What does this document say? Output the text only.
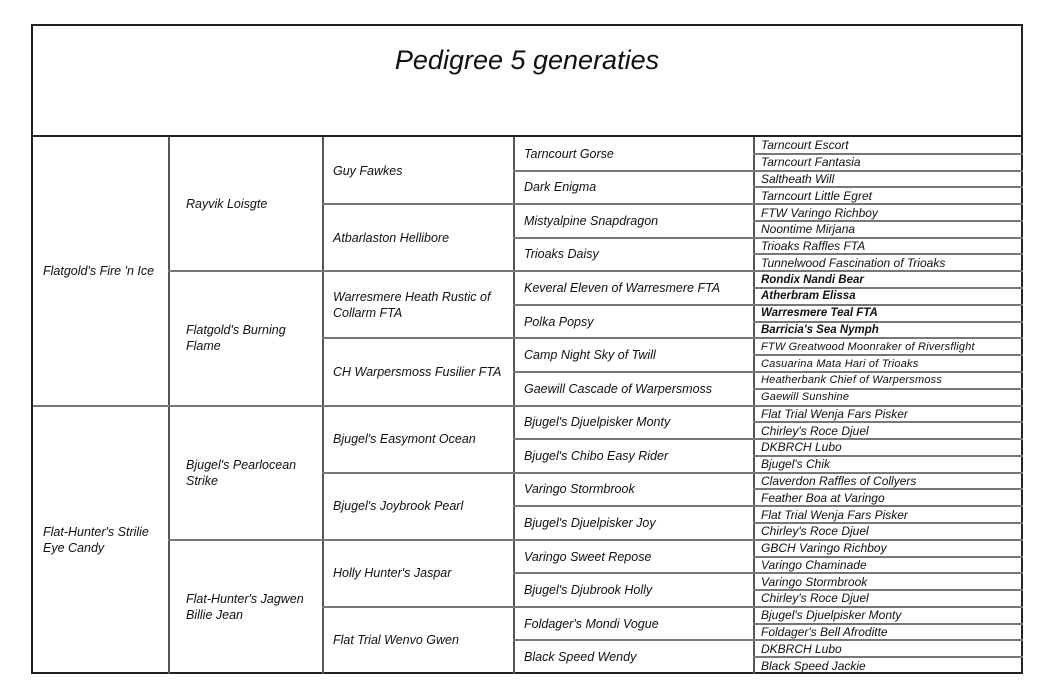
Pedigree 5 generaties
Flatgold's Fire 'n Ice
Flat-Hunter's Strilie Eye Candy
Rayvik Loisgte
Flatgold's Burning Flame
Bjugel's Pearlocean Strike
Flat-Hunter's Jagwen Billie Jean
Guy Fawkes
Atbarlaston Hellibore
Warresmere Heath Rustic of Collarm FTA
CH Warpersmoss Fusilier FTA
Bjugel's Easymont Ocean
Bjugel's Joybrook Pearl
Holly Hunter's Jaspar
Flat Trial Wenvo Gwen
Tarncourt Gorse
Dark Enigma
Mistyalpine Snapdragon
Trioaks Daisy
Keveral Eleven of Warresmere FTA
Polka Popsy
Camp Night Sky of Twill
Gaewill Cascade of Warpersmoss
Bjugel's Djuelpisker Monty
Bjugel's Chibo Easy Rider
Varingo Stormbrook
Bjugel's Djuelpisker Joy
Varingo Sweet Repose
Bjugel's Djubrook Holly
Foldager's Mondi Vogue
Black Speed Wendy
Tarncourt Escort
Tarncourt Fantasia
Saltheath Will
Tarncourt Little Egret
FTW Varingo Richboy
Noontime Mirjana
Trioaks Raffles FTA
Tunnelwood Fascination of Trioaks
Rondix Nandi Bear
Atherbram Elissa
Warresmere Teal FTA
Barricia's Sea Nymph
FTW Greatwood Moonraker of Riversflight
Casuarina Mata Hari of Trioaks
Heatherbank Chief of Warpersmoss
Gaewill Sunshine
Flat Trial Wenja Fars Pisker
Chirley's Roce Djuel
DKBRCH Lubo
Bjugel's Chik
Claverdon Raffles of Collyers
Feather Boa at Varingo
Flat Trial Wenja Fars Pisker
Chirley's Roce Djuel
GBCH Varingo Richboy
Varingo Chaminade
Varingo Stormbrook
Chirley's Roce Djuel
Bjugel's Djuelpisker Monty
Foldager's Bell Afroditte
DKBRCH Lubo
Black Speed Jackie
